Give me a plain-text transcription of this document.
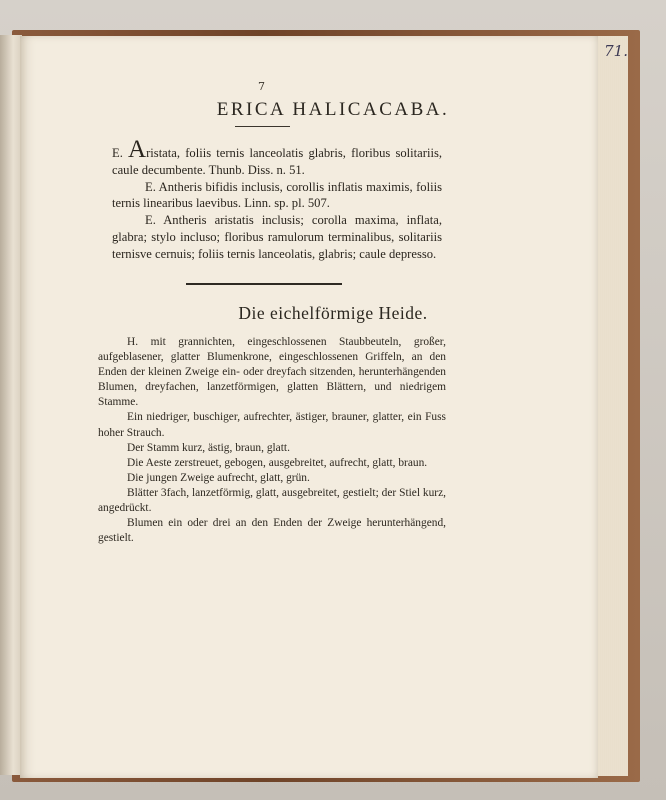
71.
7
ERICA HALICACABA.

E. Aristata, foliis ternis lanceolatis glabris, floribus solitariis, caule decumbente. Thunb. Diss. n. 51.

E. Antheris bifidis inclusis, corollis inflatis maximis, foliis ternis linearibus laevibus. Linn. sp. pl. 507.

E. Antheris aristatis inclusis; corolla maxima, inflata, glabra; stylo incluso; floribus ramulorum terminalibus, solitariis ternisve cernuis; foliis ternis lanceolatis, glabris; caule depresso.

Die eichelförmige Heide.

H. mit grannichten, eingeschlossenen Staubbeuteln, großer, aufgeblasener, glatter Blumenkrone, eingeschlossenen Griffeln, an den Enden der kleinen Zweige ein- oder dreyfach sitzenden, herunterhängenden Blumen, dreyfachen, lanzetförmigen, glatten Blättern, und niedrigem Stamme.

Ein niedriger, buschiger, aufrechter, ästiger, brauner, glatter, ein Fuss hoher Strauch.

Der Stamm kurz, ästig, braun, glatt.

Die Aeste zerstreuet, gebogen, ausgebreitet, aufrecht, glatt, braun.

Die jungen Zweige aufrecht, glatt, grün.

Blätter 3fach, lanzetförmig, glatt, ausgebreitet, gestielt; der Stiel kurz, angedrückt.

Blumen ein oder drei an den Enden der Zweige herunterhängend, gestielt.
